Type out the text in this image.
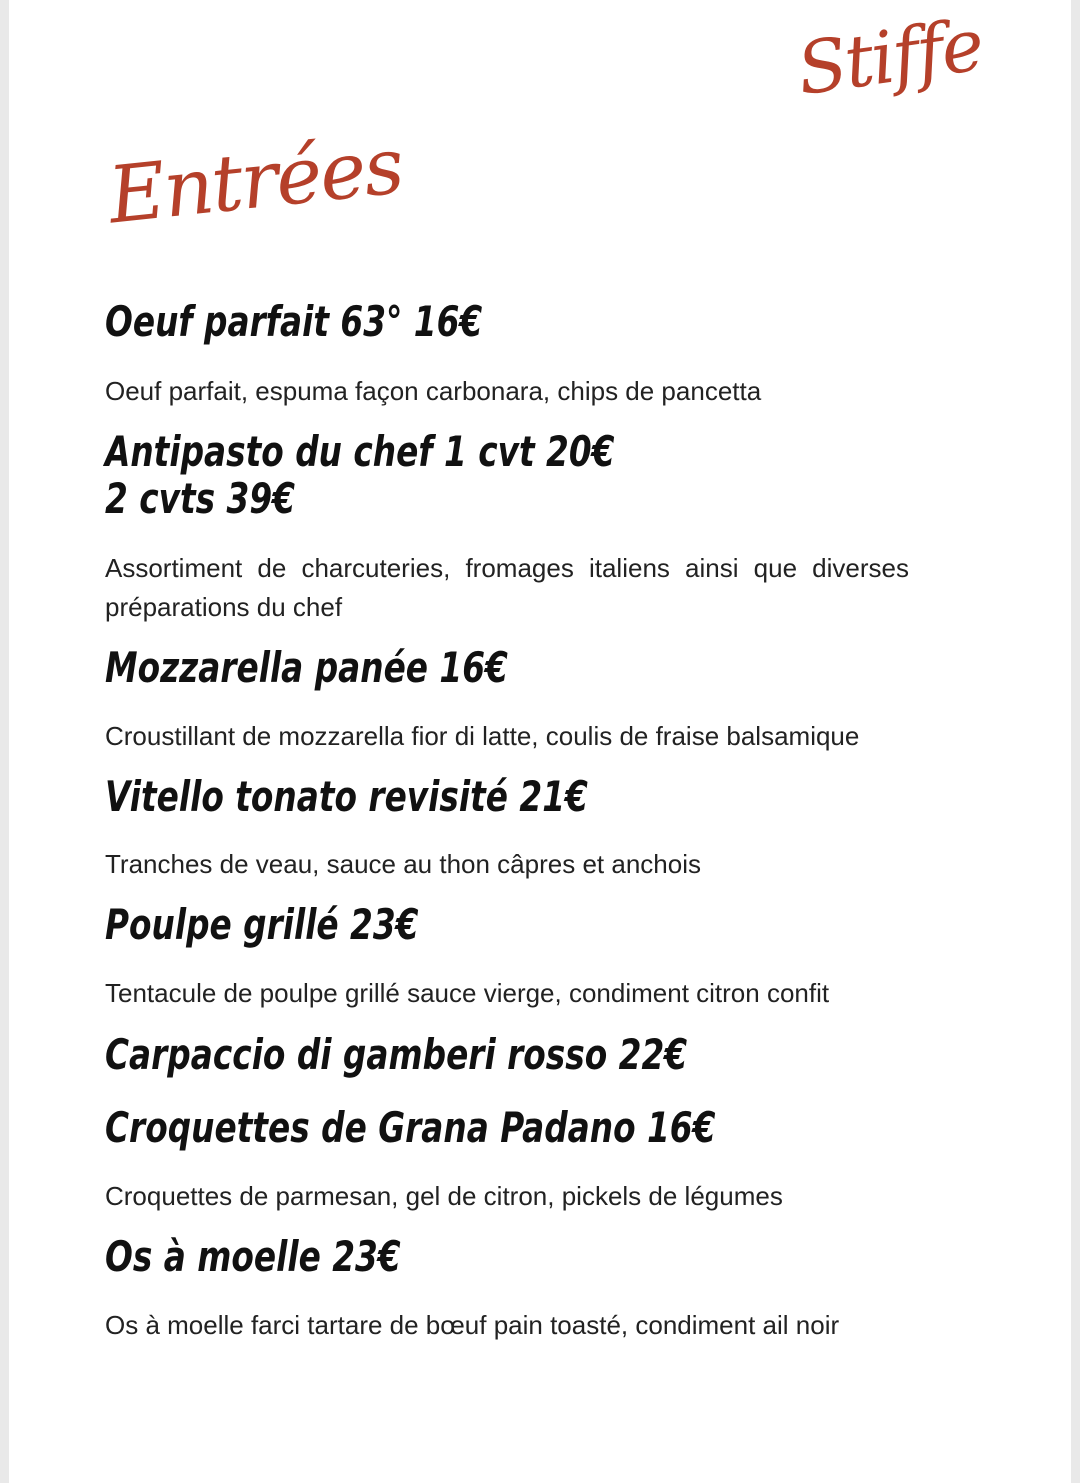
Stiffe
Entrées
Oeuf parfait 63° 16€
Oeuf parfait, espuma façon carbonara, chips de pancetta
Antipasto du chef 1 cvt 20€
2 cvts 39€
Assortiment de charcuteries, fromages italiens ainsi que diverses préparations du chef
Mozzarella panée 16€
Croustillant de mozzarella fior di latte, coulis de fraise balsamique
Vitello tonato revisité 21€
Tranches de veau, sauce au thon câpres et anchois
Poulpe grillé 23€
Tentacule de poulpe grillé sauce vierge, condiment citron confit
Carpaccio di gamberi rosso 22€
Croquettes de Grana Padano 16€
Croquettes de parmesan, gel de citron, pickels de légumes
Os à moelle 23€
Os à moelle farci tartare de bœuf pain toasté, condiment ail noir
